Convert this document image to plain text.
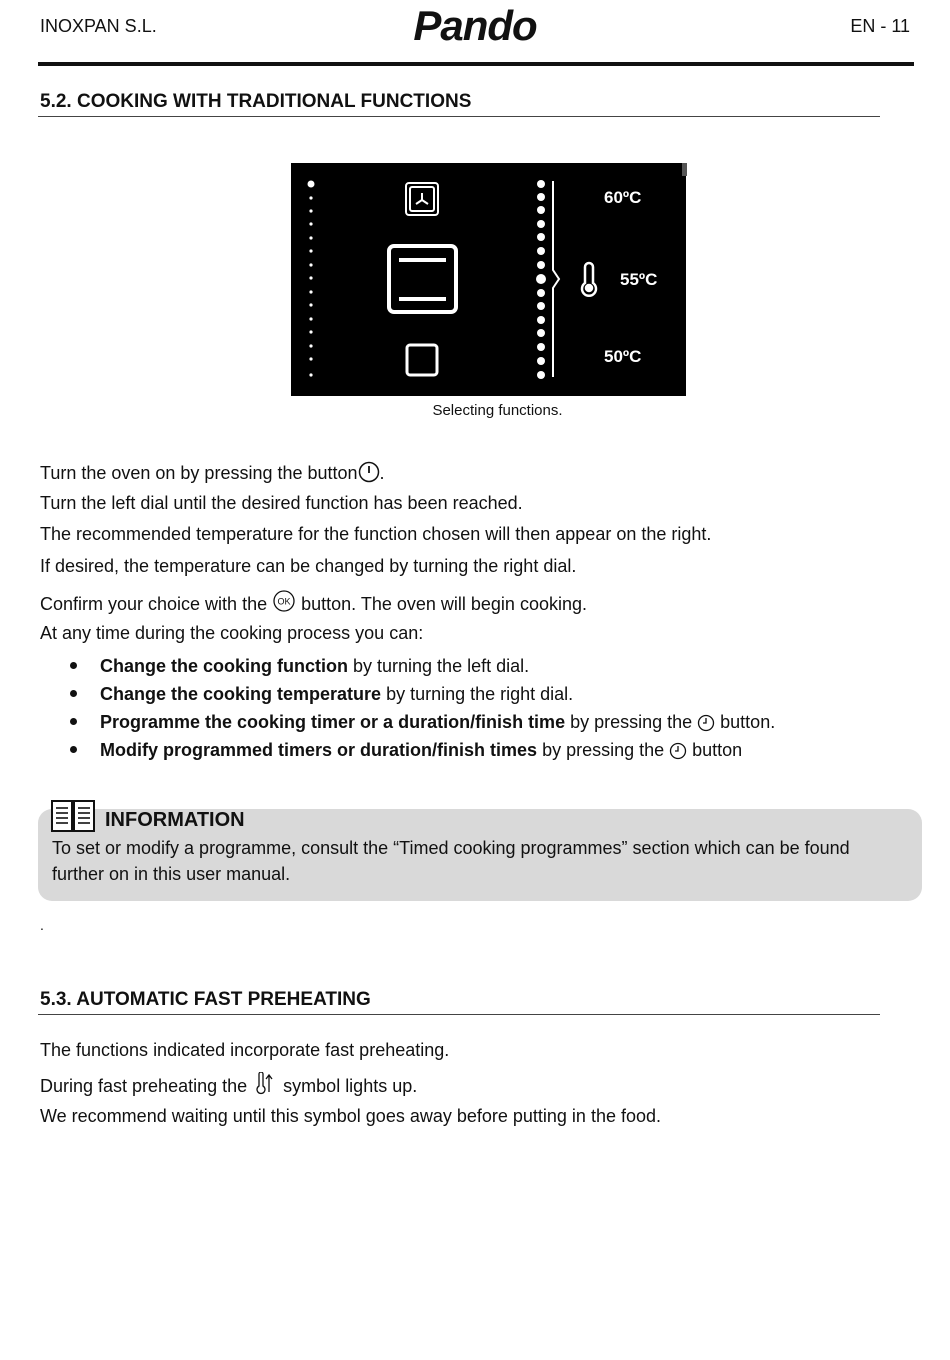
INOXPAN S.L.	Pando	EN - 11
5.2. COOKING WITH TRADITIONAL FUNCTIONS
60ºC
55ºC
50ºC
Selecting functions.
Turn the oven on by pressing the button .
Turn the left dial until the desired function has been reached.
The recommended temperature for the function chosen will then appear on the right.
If desired, the temperature can be changed by turning the right dial.
Confirm your choice with the OK button. The oven will begin cooking.
At any time during the cooking process you can:
Change the cooking function by turning the left dial.
Change the cooking temperature by turning the right dial.
Programme the cooking timer or a duration/finish time by pressing the  button.
Modify programmed timers or duration/finish times by pressing the  button
INFORMATION
To set or modify a programme, consult the “Timed cooking programmes” section which can be found
further on in this user manual.
.
5.3. AUTOMATIC FAST PREHEATING
The functions indicated incorporate fast preheating.
During fast preheating the symbol lights up.
We recommend waiting until this symbol goes away before putting in the food.
